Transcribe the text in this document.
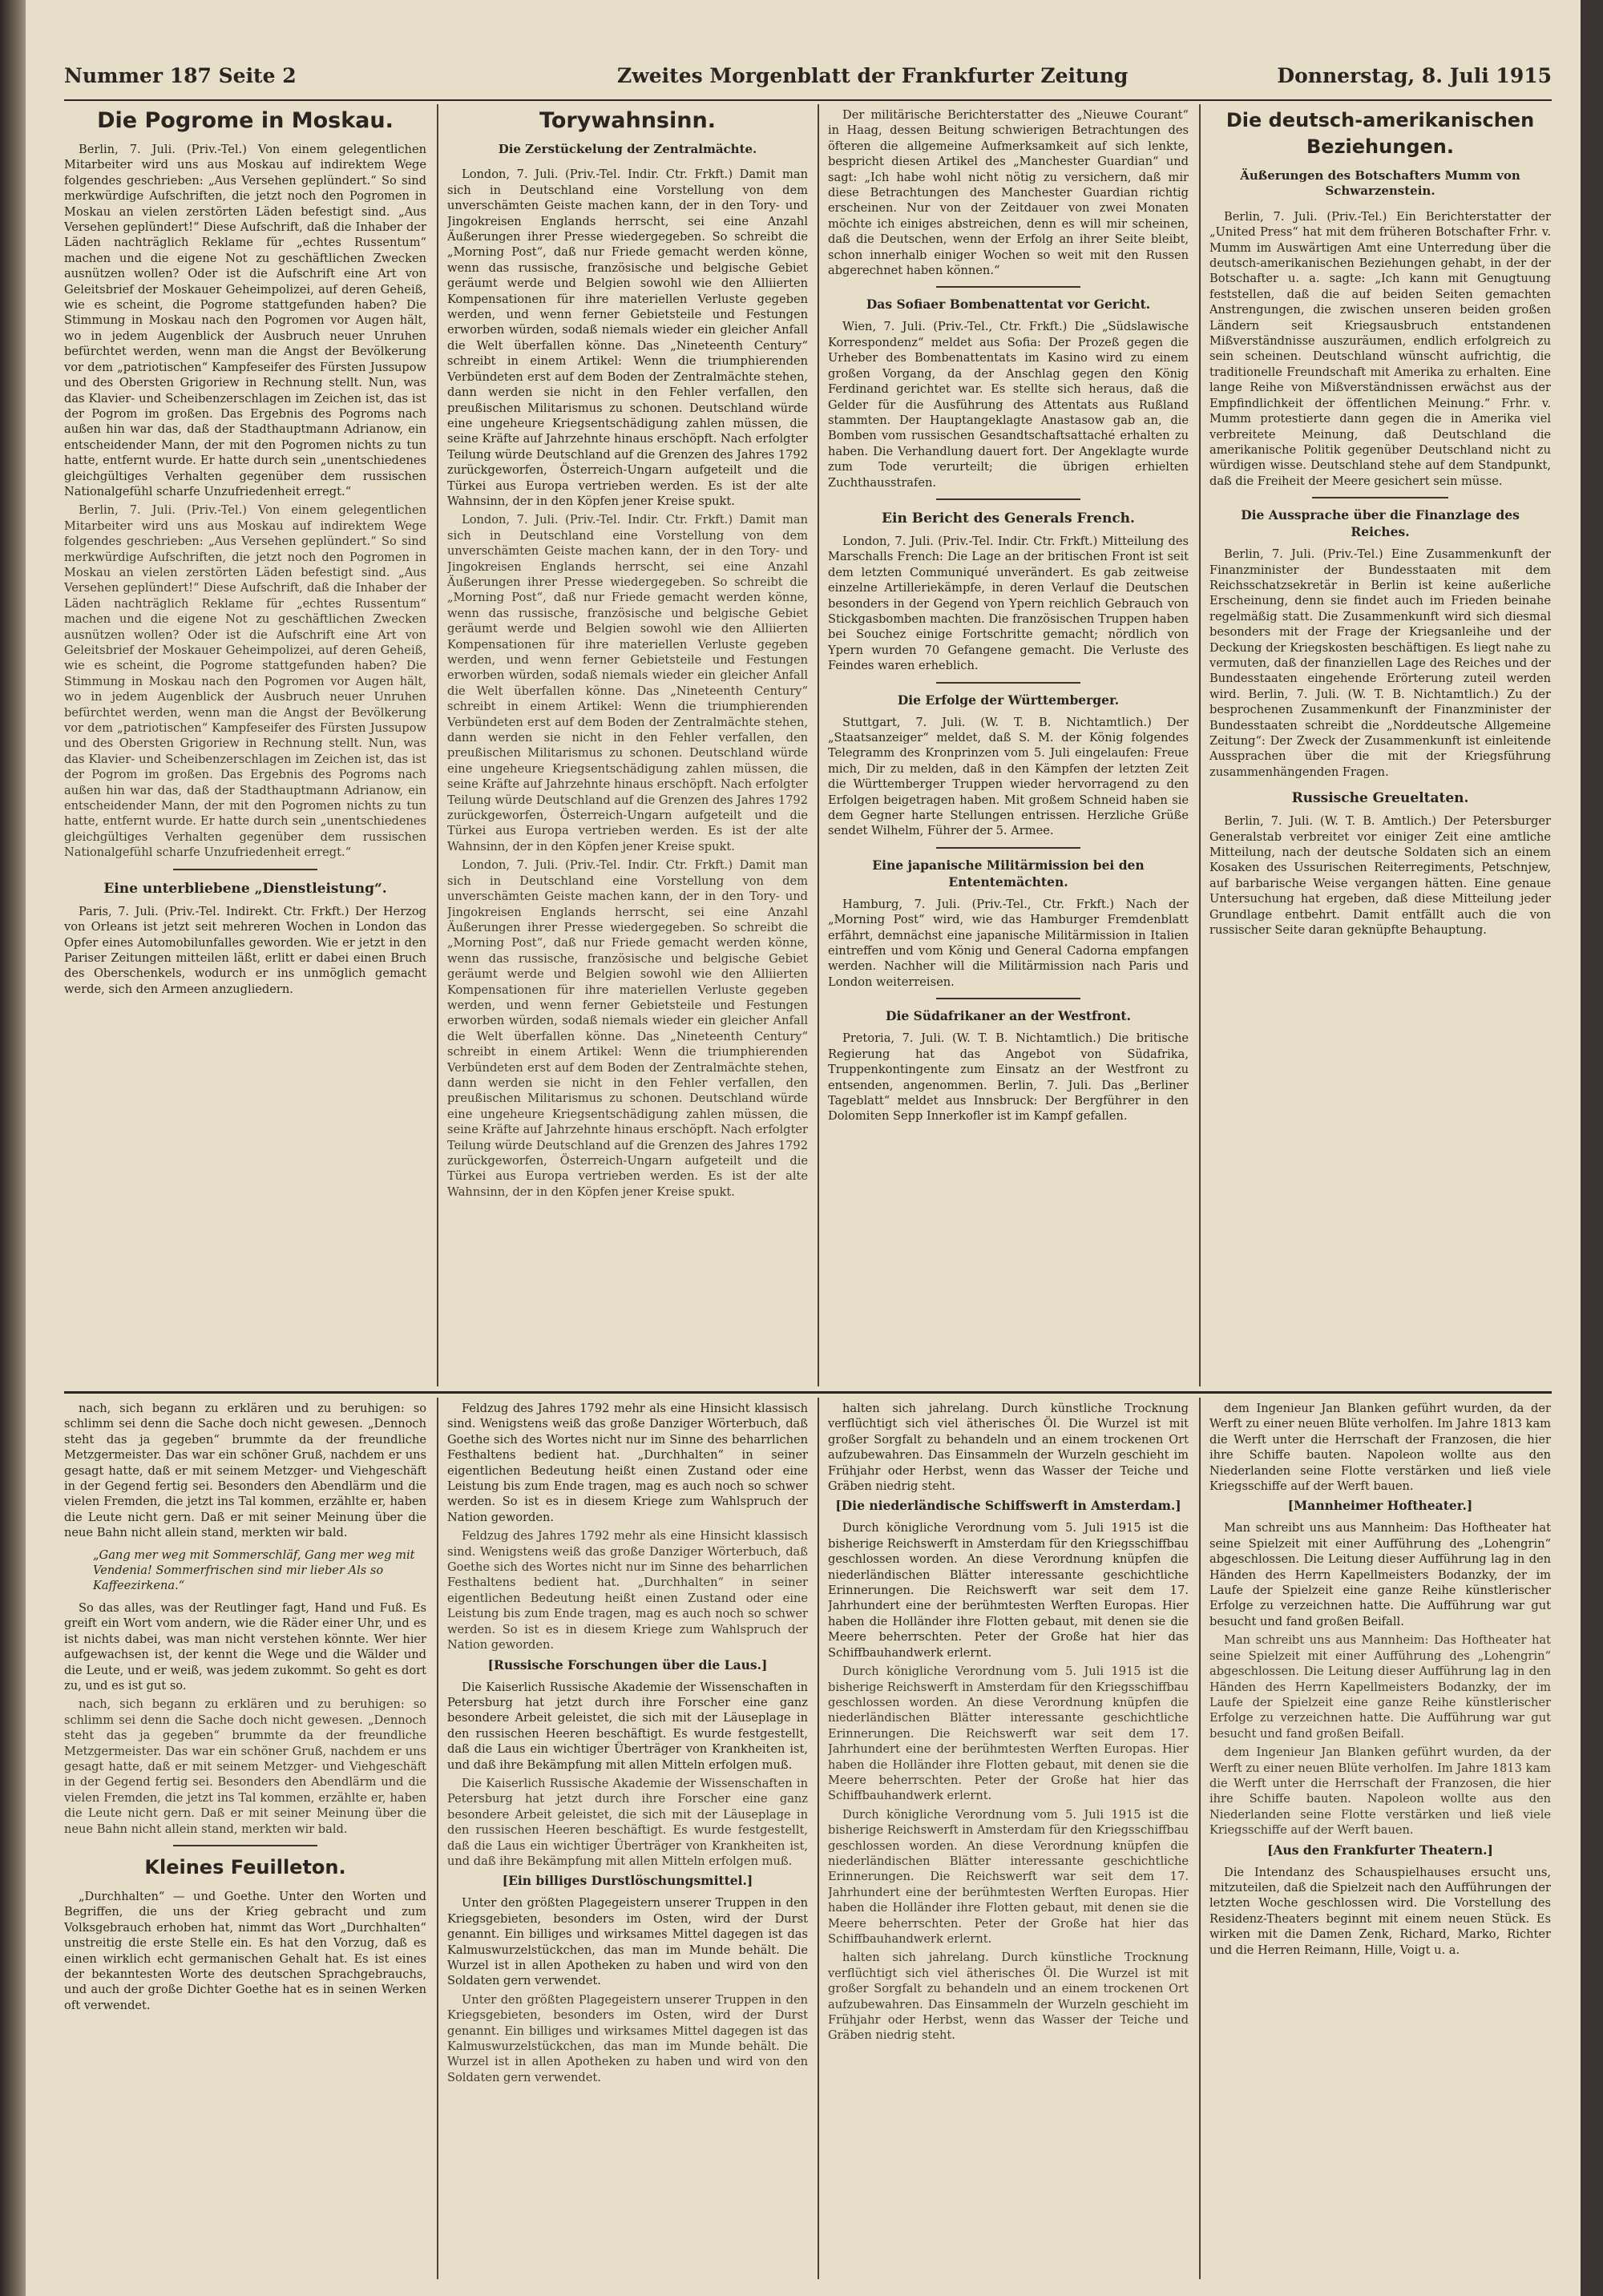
Nummer 187 Seite 2	Zweites Morgenblatt der Frankfurter Zeitung	Donnerstag, 8. Juli 1915
Die Pogrome in Moskau.

Berlin, 7. Juli. (Priv.-Tel.) Von einem gelegentlichen Mitarbeiter wird uns aus Moskau auf indirektem Wege folgendes geschrieben: „Aus Versehen geplündert.“ So sind merkwürdige Aufschriften, die jetzt noch den Pogromen in Moskau an vielen zerstörten Läden befestigt sind. „Aus Versehen geplündert!“ Diese Aufschrift, daß die Inhaber der Läden nachträglich Reklame für „echtes Russentum“ machen und die eigene Not zu geschäftlichen Zwecken ausnützen wollen? Oder ist die Aufschrift eine Art von Geleitsbrief der Moskauer Geheimpolizei, auf deren Geheiß, wie es scheint, die Pogrome stattgefunden haben? Die Stimmung in Moskau nach den Pogromen vor Augen hält, wo in jedem Augenblick der Ausbruch neuer Unruhen befürchtet werden, wenn man die Angst der Bevölkerung vor dem „patriotischen“ Kampfeseifer des Fürsten Jussupow und des Obersten Grigoriew in Rechnung stellt. Nun, was das Klavier- und Scheibenzerschlagen im Zeichen ist, das ist der Pogrom im großen. Das Ergebnis des Pogroms nach außen hin war das, daß der Stadthauptmann Adrianow, ein entscheidender Mann, der mit den Pogromen nichts zu tun hatte, entfernt wurde. Er hatte durch sein „unentschiedenes gleichgültiges Verhalten gegenüber dem russischen Nationalgefühl scharfe Unzufriedenheit erregt.“

Berlin, 7. Juli. (Priv.-Tel.) Von einem gelegentlichen Mitarbeiter wird uns aus Moskau auf indirektem Wege folgendes geschrieben: „Aus Versehen geplündert.“ So sind merkwürdige Aufschriften, die jetzt noch den Pogromen in Moskau an vielen zerstörten Läden befestigt sind. „Aus Versehen geplündert!“ Diese Aufschrift, daß die Inhaber der Läden nachträglich Reklame für „echtes Russentum“ machen und die eigene Not zu geschäftlichen Zwecken ausnützen wollen? Oder ist die Aufschrift eine Art von Geleitsbrief der Moskauer Geheimpolizei, auf deren Geheiß, wie es scheint, die Pogrome stattgefunden haben? Die Stimmung in Moskau nach den Pogromen vor Augen hält, wo in jedem Augenblick der Ausbruch neuer Unruhen befürchtet werden, wenn man die Angst der Bevölkerung vor dem „patriotischen“ Kampfeseifer des Fürsten Jussupow und des Obersten Grigoriew in Rechnung stellt. Nun, was das Klavier- und Scheibenzerschlagen im Zeichen ist, das ist der Pogrom im großen. Das Ergebnis des Pogroms nach außen hin war das, daß der Stadthauptmann Adrianow, ein entscheidender Mann, der mit den Pogromen nichts zu tun hatte, entfernt wurde. Er hatte durch sein „unentschiedenes gleichgültiges Verhalten gegenüber dem russischen Nationalgefühl scharfe Unzufriedenheit erregt.“

Eine unterbliebene „Dienstleistung“.

Paris, 7. Juli. (Priv.-Tel. Indirekt. Ctr. Frkft.) Der Herzog von Orleans ist jetzt seit mehreren Wochen in London das Opfer eines Automobilunfalles geworden. Wie er jetzt in den Pariser Zeitungen mitteilen läßt, erlitt er dabei einen Bruch des Oberschenkels, wodurch er ins unmöglich gemacht werde, sich den Armeen anzugliedern.

Torywahnsinn.
Die Zerstückelung der Zentralmächte.

London, 7. Juli. (Priv.-Tel. Indir. Ctr. Frkft.) Damit man sich in Deutschland eine Vorstellung von dem unverschämten Geiste machen kann, der in den Tory- und Jingokreisen Englands herrscht, sei eine Anzahl Äußerungen ihrer Presse wiedergegeben. So schreibt die „Morning Post“, daß nur Friede gemacht werden könne, wenn das russische, französische und belgische Gebiet geräumt werde und Belgien sowohl wie den Alliierten Kompensationen für ihre materiellen Verluste gegeben werden, und wenn ferner Gebietsteile und Festungen erworben würden, sodaß niemals wieder ein gleicher Anfall die Welt überfallen könne. Das „Nineteenth Century“ schreibt in einem Artikel: Wenn die triumphierenden Verbündeten erst auf dem Boden der Zentralmächte stehen, dann werden sie nicht in den Fehler verfallen, den preußischen Militarismus zu schonen. Deutschland würde eine ungeheure Kriegsentschädigung zahlen müssen, die seine Kräfte auf Jahrzehnte hinaus erschöpft. Nach erfolgter Teilung würde Deutschland auf die Grenzen des Jahres 1792 zurückgeworfen, Österreich-Ungarn aufgeteilt und die Türkei aus Europa vertrieben werden. Es ist der alte Wahnsinn, der in den Köpfen jener Kreise spukt.

London, 7. Juli. (Priv.-Tel. Indir. Ctr. Frkft.) Damit man sich in Deutschland eine Vorstellung von dem unverschämten Geiste machen kann, der in den Tory- und Jingokreisen Englands herrscht, sei eine Anzahl Äußerungen ihrer Presse wiedergegeben. So schreibt die „Morning Post“, daß nur Friede gemacht werden könne, wenn das russische, französische und belgische Gebiet geräumt werde und Belgien sowohl wie den Alliierten Kompensationen für ihre materiellen Verluste gegeben werden, und wenn ferner Gebietsteile und Festungen erworben würden, sodaß niemals wieder ein gleicher Anfall die Welt überfallen könne. Das „Nineteenth Century“ schreibt in einem Artikel: Wenn die triumphierenden Verbündeten erst auf dem Boden der Zentralmächte stehen, dann werden sie nicht in den Fehler verfallen, den preußischen Militarismus zu schonen. Deutschland würde eine ungeheure Kriegsentschädigung zahlen müssen, die seine Kräfte auf Jahrzehnte hinaus erschöpft. Nach erfolgter Teilung würde Deutschland auf die Grenzen des Jahres 1792 zurückgeworfen, Österreich-Ungarn aufgeteilt und die Türkei aus Europa vertrieben werden. Es ist der alte Wahnsinn, der in den Köpfen jener Kreise spukt.

London, 7. Juli. (Priv.-Tel. Indir. Ctr. Frkft.) Damit man sich in Deutschland eine Vorstellung von dem unverschämten Geiste machen kann, der in den Tory- und Jingokreisen Englands herrscht, sei eine Anzahl Äußerungen ihrer Presse wiedergegeben. So schreibt die „Morning Post“, daß nur Friede gemacht werden könne, wenn das russische, französische und belgische Gebiet geräumt werde und Belgien sowohl wie den Alliierten Kompensationen für ihre materiellen Verluste gegeben werden, und wenn ferner Gebietsteile und Festungen erworben würden, sodaß niemals wieder ein gleicher Anfall die Welt überfallen könne. Das „Nineteenth Century“ schreibt in einem Artikel: Wenn die triumphierenden Verbündeten erst auf dem Boden der Zentralmächte stehen, dann werden sie nicht in den Fehler verfallen, den preußischen Militarismus zu schonen. Deutschland würde eine ungeheure Kriegsentschädigung zahlen müssen, die seine Kräfte auf Jahrzehnte hinaus erschöpft. Nach erfolgter Teilung würde Deutschland auf die Grenzen des Jahres 1792 zurückgeworfen, Österreich-Ungarn aufgeteilt und die Türkei aus Europa vertrieben werden. Es ist der alte Wahnsinn, der in den Köpfen jener Kreise spukt.

Der militärische Berichterstatter des „Nieuwe Courant“ in Haag, dessen Beitung schwierigen Betrachtungen des öfteren die allgemeine Aufmerksamkeit auf sich lenkte, bespricht diesen Artikel des „Manchester Guardian“ und sagt: „Ich habe wohl nicht nötig zu versichern, daß mir diese Betrachtungen des Manchester Guardian richtig erscheinen. Nur von der Zeitdauer von zwei Monaten möchte ich einiges abstreichen, denn es will mir scheinen, daß die Deutschen, wenn der Erfolg an ihrer Seite bleibt, schon innerhalb einiger Wochen so weit mit den Russen abgerechnet haben können.“

Das Sofiaer Bombenattentat vor Gericht.

Wien, 7. Juli. (Priv.-Tel., Ctr. Frkft.) Die „Südslawische Korrespondenz“ meldet aus Sofia: Der Prozeß gegen die Urheber des Bombenattentats im Kasino wird zu einem großen Vorgang, da der Anschlag gegen den König Ferdinand gerichtet war. Es stellte sich heraus, daß die Gelder für die Ausführung des Attentats aus Rußland stammten. Der Hauptangeklagte Anastasow gab an, die Bomben vom russischen Gesandtschaftsattaché erhalten zu haben. Die Verhandlung dauert fort. Der Angeklagte wurde zum Tode verurteilt; die übrigen erhielten Zuchthausstrafen.

Ein Bericht des Generals French.

London, 7. Juli. (Priv.-Tel. Indir. Ctr. Frkft.) Mitteilung des Marschalls French: Die Lage an der britischen Front ist seit dem letzten Communiqué unverändert. Es gab zeitweise einzelne Artilleriekämpfe, in deren Verlauf die Deutschen besonders in der Gegend von Ypern reichlich Gebrauch von Stickgasbomben machten. Die französischen Truppen haben bei Souchez einige Fortschritte gemacht; nördlich von Ypern wurden 70 Gefangene gemacht. Die Verluste des Feindes waren erheblich.

Die Erfolge der Württemberger.

Stuttgart, 7. Juli. (W. T. B. Nichtamtlich.) Der „Staatsanzeiger“ meldet, daß S. M. der König folgendes Telegramm des Kronprinzen vom 5. Juli eingelaufen: Freue mich, Dir zu melden, daß in den Kämpfen der letzten Zeit die Württemberger Truppen wieder hervorragend zu den Erfolgen beigetragen haben. Mit großem Schneid haben sie dem Gegner harte Stellungen entrissen. Herzliche Grüße sendet Wilhelm, Führer der 5. Armee.

Eine japanische Militärmission bei den Ententemächten.

Hamburg, 7. Juli. (Priv.-Tel., Ctr. Frkft.) Nach der „Morning Post“ wird, wie das Hamburger Fremdenblatt erfährt, demnächst eine japanische Militärmission in Italien eintreffen und vom König und General Cadorna empfangen werden. Nachher will die Militärmission nach Paris und London weiterreisen.

Die Südafrikaner an der Westfront.

Pretoria, 7. Juli. (W. T. B. Nichtamtlich.) Die britische Regierung hat das Angebot von Südafrika, Truppenkontingente zum Einsatz an der Westfront zu entsenden, angenommen. Berlin, 7. Juli. Das „Berliner Tageblatt“ meldet aus Innsbruck: Der Bergführer in den Dolomiten Sepp Innerkofler ist im Kampf gefallen.

Die deutsch-amerikanischen Beziehungen.
Äußerungen des Botschafters Mumm von Schwarzenstein.

Berlin, 7. Juli. (Priv.-Tel.) Ein Berichterstatter der „United Press“ hat mit dem früheren Botschafter Frhr. v. Mumm im Auswärtigen Amt eine Unterredung über die deutsch-amerikanischen Beziehungen gehabt, in der der Botschafter u. a. sagte: „Ich kann mit Genugtuung feststellen, daß die auf beiden Seiten gemachten Anstrengungen, die zwischen unseren beiden großen Ländern seit Kriegsausbruch entstandenen Mißverständnisse auszuräumen, endlich erfolgreich zu sein scheinen. Deutschland wünscht aufrichtig, die traditionelle Freundschaft mit Amerika zu erhalten. Eine lange Reihe von Mißverständnissen erwächst aus der Empfindlichkeit der öffentlichen Meinung.“ Frhr. v. Mumm protestierte dann gegen die in Amerika viel verbreitete Meinung, daß Deutschland die amerikanische Politik gegenüber Deutschland nicht zu würdigen wisse. Deutschland stehe auf dem Standpunkt, daß die Freiheit der Meere gesichert sein müsse.

Die Aussprache über die Finanzlage des Reiches.

Berlin, 7. Juli. (Priv.-Tel.) Eine Zusammenkunft der Finanzminister der Bundesstaaten mit dem Reichsschatzsekretär in Berlin ist keine außerliche Erscheinung, denn sie findet auch im Frieden beinahe regelmäßig statt. Die Zusammenkunft wird sich diesmal besonders mit der Frage der Kriegsanleihe und der Deckung der Kriegskosten beschäftigen. Es liegt nahe zu vermuten, daß der finanziellen Lage des Reiches und der Bundesstaaten eingehende Erörterung zuteil werden wird. Berlin, 7. Juli. (W. T. B. Nichtamtlich.) Zu der besprochenen Zusammenkunft der Finanzminister der Bundesstaaten schreibt die „Norddeutsche Allgemeine Zeitung“: Der Zweck der Zusammenkunft ist einleitende Aussprachen über die mit der Kriegsführung zusammenhängenden Fragen.

Russische Greueltaten.

Berlin, 7. Juli. (W. T. B. Amtlich.) Der Petersburger Generalstab verbreitet vor einiger Zeit eine amtliche Mitteilung, nach der deutsche Soldaten sich an einem Kosaken des Ussurischen Reiterregiments, Petschnjew, auf barbarische Weise vergangen hätten. Eine genaue Untersuchung hat ergeben, daß diese Mitteilung jeder Grundlage entbehrt. Damit entfällt auch die von russischer Seite daran geknüpfte Behauptung.

nach, sich begann zu erklären und zu beruhigen: so schlimm sei denn die Sache doch nicht gewesen. „Dennoch steht das ja gegeben“ brummte da der freundliche Metzgermeister. Das war ein schöner Gruß, nachdem er uns gesagt hatte, daß er mit seinem Metzger- und Viehgeschäft in der Gegend fertig sei. Besonders den Abendlärm und die vielen Fremden, die jetzt ins Tal kommen, erzählte er, haben die Leute nicht gern. Daß er mit seiner Meinung über die neue Bahn nicht allein stand, merkten wir bald.

„Gang mer weg mit Sommerschläf, Gang mer weg mit Vendenia! Sommerfrischen sind mir lieber Als so Kaffeezirkena.“

So das alles, was der Reutlinger fagt, Hand und Fuß. Es greift ein Wort vom andern, wie die Räder einer Uhr, und es ist nichts dabei, was man nicht verstehen könnte. Wer hier aufgewachsen ist, der kennt die Wege und die Wälder und die Leute, und er weiß, was jedem zukommt. So geht es dort zu, und es ist gut so.

nach, sich begann zu erklären und zu beruhigen: so schlimm sei denn die Sache doch nicht gewesen. „Dennoch steht das ja gegeben“ brummte da der freundliche Metzgermeister. Das war ein schöner Gruß, nachdem er uns gesagt hatte, daß er mit seinem Metzger- und Viehgeschäft in der Gegend fertig sei. Besonders den Abendlärm und die vielen Fremden, die jetzt ins Tal kommen, erzählte er, haben die Leute nicht gern. Daß er mit seiner Meinung über die neue Bahn nicht allein stand, merkten wir bald.

Kleines Feuilleton.

„Durchhalten“ — und Goethe. Unter den Worten und Begriffen, die uns der Krieg gebracht und zum Volksgebrauch erhoben hat, nimmt das Wort „Durchhalten“ unstreitig die erste Stelle ein. Es hat den Vorzug, daß es einen wirklich echt germanischen Gehalt hat. Es ist eines der bekanntesten Worte des deutschen Sprachgebrauchs, und auch der große Dichter Goethe hat es in seinen Werken oft verwendet.

Feldzug des Jahres 1792 mehr als eine Hinsicht klassisch sind. Wenigstens weiß das große Danziger Wörterbuch, daß Goethe sich des Wortes nicht nur im Sinne des beharrlichen Festhaltens bedient hat. „Durchhalten“ in seiner eigentlichen Bedeutung heißt einen Zustand oder eine Leistung bis zum Ende tragen, mag es auch noch so schwer werden. So ist es in diesem Kriege zum Wahlspruch der Nation geworden.

Feldzug des Jahres 1792 mehr als eine Hinsicht klassisch sind. Wenigstens weiß das große Danziger Wörterbuch, daß Goethe sich des Wortes nicht nur im Sinne des beharrlichen Festhaltens bedient hat. „Durchhalten“ in seiner eigentlichen Bedeutung heißt einen Zustand oder eine Leistung bis zum Ende tragen, mag es auch noch so schwer werden. So ist es in diesem Kriege zum Wahlspruch der Nation geworden.

[Russische Forschungen über die Laus.]

Die Kaiserlich Russische Akademie der Wissenschaften in Petersburg hat jetzt durch ihre Forscher eine ganz besondere Arbeit geleistet, die sich mit der Läuseplage in den russischen Heeren beschäftigt. Es wurde festgestellt, daß die Laus ein wichtiger Überträger von Krankheiten ist, und daß ihre Bekämpfung mit allen Mitteln erfolgen muß.

Die Kaiserlich Russische Akademie der Wissenschaften in Petersburg hat jetzt durch ihre Forscher eine ganz besondere Arbeit geleistet, die sich mit der Läuseplage in den russischen Heeren beschäftigt. Es wurde festgestellt, daß die Laus ein wichtiger Überträger von Krankheiten ist, und daß ihre Bekämpfung mit allen Mitteln erfolgen muß.

[Ein billiges Durstlöschungsmittel.]

Unter den größten Plagegeistern unserer Truppen in den Kriegsgebieten, besonders im Osten, wird der Durst genannt. Ein billiges und wirksames Mittel dagegen ist das Kalmuswurzelstückchen, das man im Munde behält. Die Wurzel ist in allen Apotheken zu haben und wird von den Soldaten gern verwendet.

Unter den größten Plagegeistern unserer Truppen in den Kriegsgebieten, besonders im Osten, wird der Durst genannt. Ein billiges und wirksames Mittel dagegen ist das Kalmuswurzelstückchen, das man im Munde behält. Die Wurzel ist in allen Apotheken zu haben und wird von den Soldaten gern verwendet.

halten sich jahrelang. Durch künstliche Trocknung verflüchtigt sich viel ätherisches Öl. Die Wurzel ist mit großer Sorgfalt zu behandeln und an einem trockenen Ort aufzubewahren. Das Einsammeln der Wurzeln geschieht im Frühjahr oder Herbst, wenn das Wasser der Teiche und Gräben niedrig steht.

[Die niederländische Schiffswerft in Amsterdam.]

Durch königliche Verordnung vom 5. Juli 1915 ist die bisherige Reichswerft in Amsterdam für den Kriegsschiffbau geschlossen worden. An diese Verordnung knüpfen die niederländischen Blätter interessante geschichtliche Erinnerungen. Die Reichswerft war seit dem 17. Jahrhundert eine der berühmtesten Werften Europas. Hier haben die Holländer ihre Flotten gebaut, mit denen sie die Meere beherrschten. Peter der Große hat hier das Schiffbauhandwerk erlernt.

Durch königliche Verordnung vom 5. Juli 1915 ist die bisherige Reichswerft in Amsterdam für den Kriegsschiffbau geschlossen worden. An diese Verordnung knüpfen die niederländischen Blätter interessante geschichtliche Erinnerungen. Die Reichswerft war seit dem 17. Jahrhundert eine der berühmtesten Werften Europas. Hier haben die Holländer ihre Flotten gebaut, mit denen sie die Meere beherrschten. Peter der Große hat hier das Schiffbauhandwerk erlernt.

Durch königliche Verordnung vom 5. Juli 1915 ist die bisherige Reichswerft in Amsterdam für den Kriegsschiffbau geschlossen worden. An diese Verordnung knüpfen die niederländischen Blätter interessante geschichtliche Erinnerungen. Die Reichswerft war seit dem 17. Jahrhundert eine der berühmtesten Werften Europas. Hier haben die Holländer ihre Flotten gebaut, mit denen sie die Meere beherrschten. Peter der Große hat hier das Schiffbauhandwerk erlernt.

halten sich jahrelang. Durch künstliche Trocknung verflüchtigt sich viel ätherisches Öl. Die Wurzel ist mit großer Sorgfalt zu behandeln und an einem trockenen Ort aufzubewahren. Das Einsammeln der Wurzeln geschieht im Frühjahr oder Herbst, wenn das Wasser der Teiche und Gräben niedrig steht.

dem Ingenieur Jan Blanken geführt wurden, da der Werft zu einer neuen Blüte verholfen. Im Jahre 1813 kam die Werft unter die Herrschaft der Franzosen, die hier ihre Schiffe bauten. Napoleon wollte aus den Niederlanden seine Flotte verstärken und ließ viele Kriegsschiffe auf der Werft bauen.

[Mannheimer Hoftheater.]

Man schreibt uns aus Mannheim: Das Hoftheater hat seine Spielzeit mit einer Aufführung des „Lohengrin“ abgeschlossen. Die Leitung dieser Aufführung lag in den Händen des Herrn Kapellmeisters Bodanzky, der im Laufe der Spielzeit eine ganze Reihe künstlerischer Erfolge zu verzeichnen hatte. Die Aufführung war gut besucht und fand großen Beifall.

Man schreibt uns aus Mannheim: Das Hoftheater hat seine Spielzeit mit einer Aufführung des „Lohengrin“ abgeschlossen. Die Leitung dieser Aufführung lag in den Händen des Herrn Kapellmeisters Bodanzky, der im Laufe der Spielzeit eine ganze Reihe künstlerischer Erfolge zu verzeichnen hatte. Die Aufführung war gut besucht und fand großen Beifall.

dem Ingenieur Jan Blanken geführt wurden, da der Werft zu einer neuen Blüte verholfen. Im Jahre 1813 kam die Werft unter die Herrschaft der Franzosen, die hier ihre Schiffe bauten. Napoleon wollte aus den Niederlanden seine Flotte verstärken und ließ viele Kriegsschiffe auf der Werft bauen.

[Aus den Frankfurter Theatern.]

Die Intendanz des Schauspielhauses ersucht uns, mitzuteilen, daß die Spielzeit nach den Aufführungen der letzten Woche geschlossen wird. Die Vorstellung des Residenz-Theaters beginnt mit einem neuen Stück. Es wirken mit die Damen Zenk, Richard, Marko, Richter und die Herren Reimann, Hille, Voigt u. a.
